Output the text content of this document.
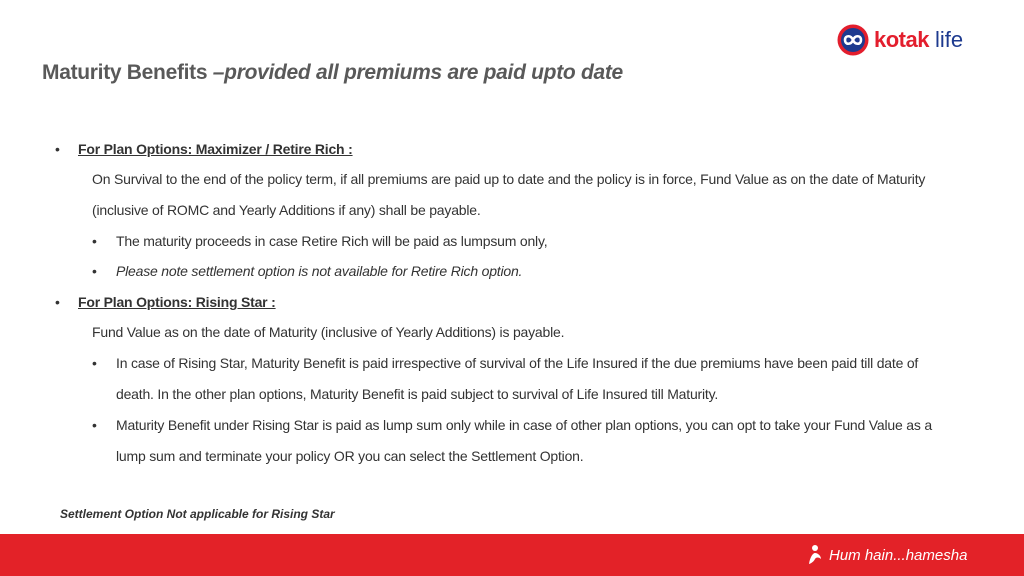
kotak life
Maturity Benefits –provided all premiums are paid upto date
• For Plan Options: Maximizer / Retire Rich :
On Survival to the end of the policy term, if all premiums are paid up to date and the policy is in force, Fund Value as on the date of Maturity
(inclusive of ROMC and Yearly Additions if any) shall be payable.
• The maturity proceeds in case Retire Rich will be paid as lumpsum only,
• Please note settlement option is not available for Retire Rich option.
• For Plan Options: Rising Star :
Fund Value as on the date of Maturity (inclusive of Yearly Additions) is payable.
• In case of Rising Star, Maturity Benefit is paid irrespective of survival of the Life Insured if the due premiums have been paid till date of
death. In the other plan options, Maturity Benefit is paid subject to survival of Life Insured till Maturity.
• Maturity Benefit under Rising Star is paid as lump sum only while in case of other plan options, you can opt to take your Fund Value as a
lump sum and terminate your policy OR you can select the Settlement Option.
Settlement Option Not applicable for Rising Star
Hum hain...hamesha
